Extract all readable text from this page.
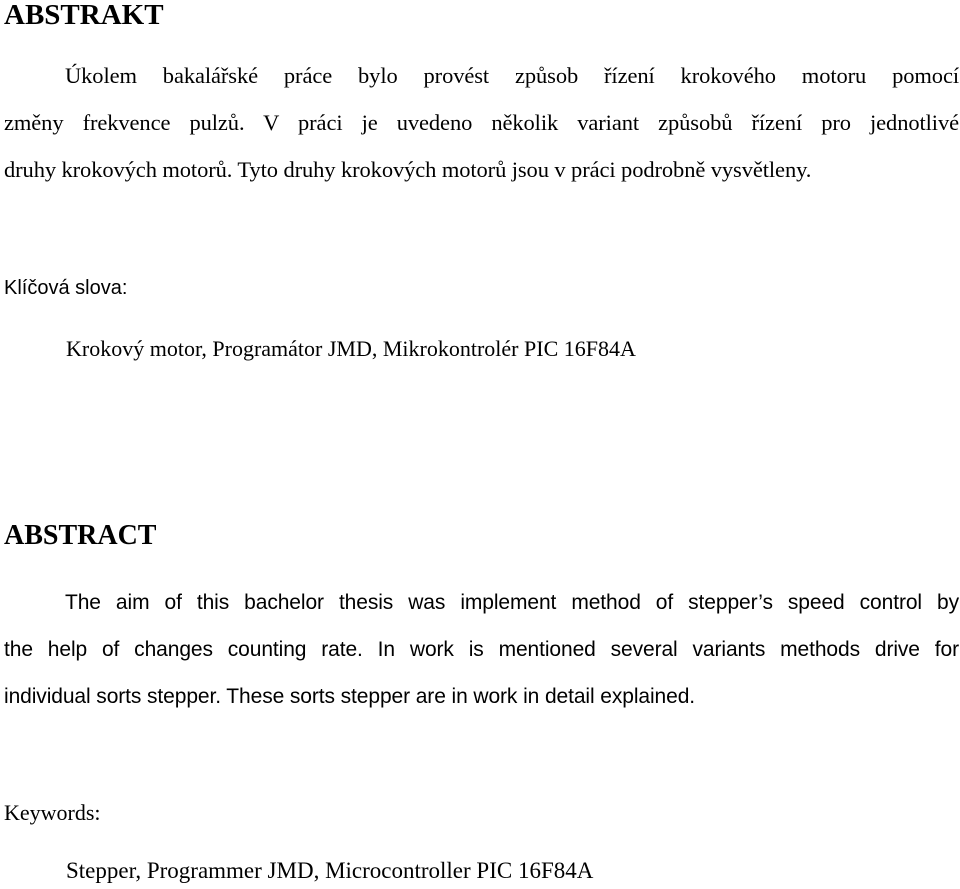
ABSTRAKT

Úkolem bakalářské práce bylo provést způsob řízení krokového motoru pomocí
změny frekvence pulzů. V práci je uvedeno několik variant způsobů řízení pro jednotlivé
druhy krokových motorů. Tyto druhy krokových motorů jsou v práci podrobně vysvětleny.

Klíčová slova:

Krokový motor, Programátor JMD, Mikrokontrolér PIC 16F84A

ABSTRACT

The aim of this bachelor thesis was implement method of stepper’s speed control by
the help of changes counting rate. In work is mentioned several variants methods drive for
individual sorts stepper. These sorts stepper are in work in detail explained.

Keywords:

Stepper, Programmer JMD, Microcontroller PIC 16F84A
